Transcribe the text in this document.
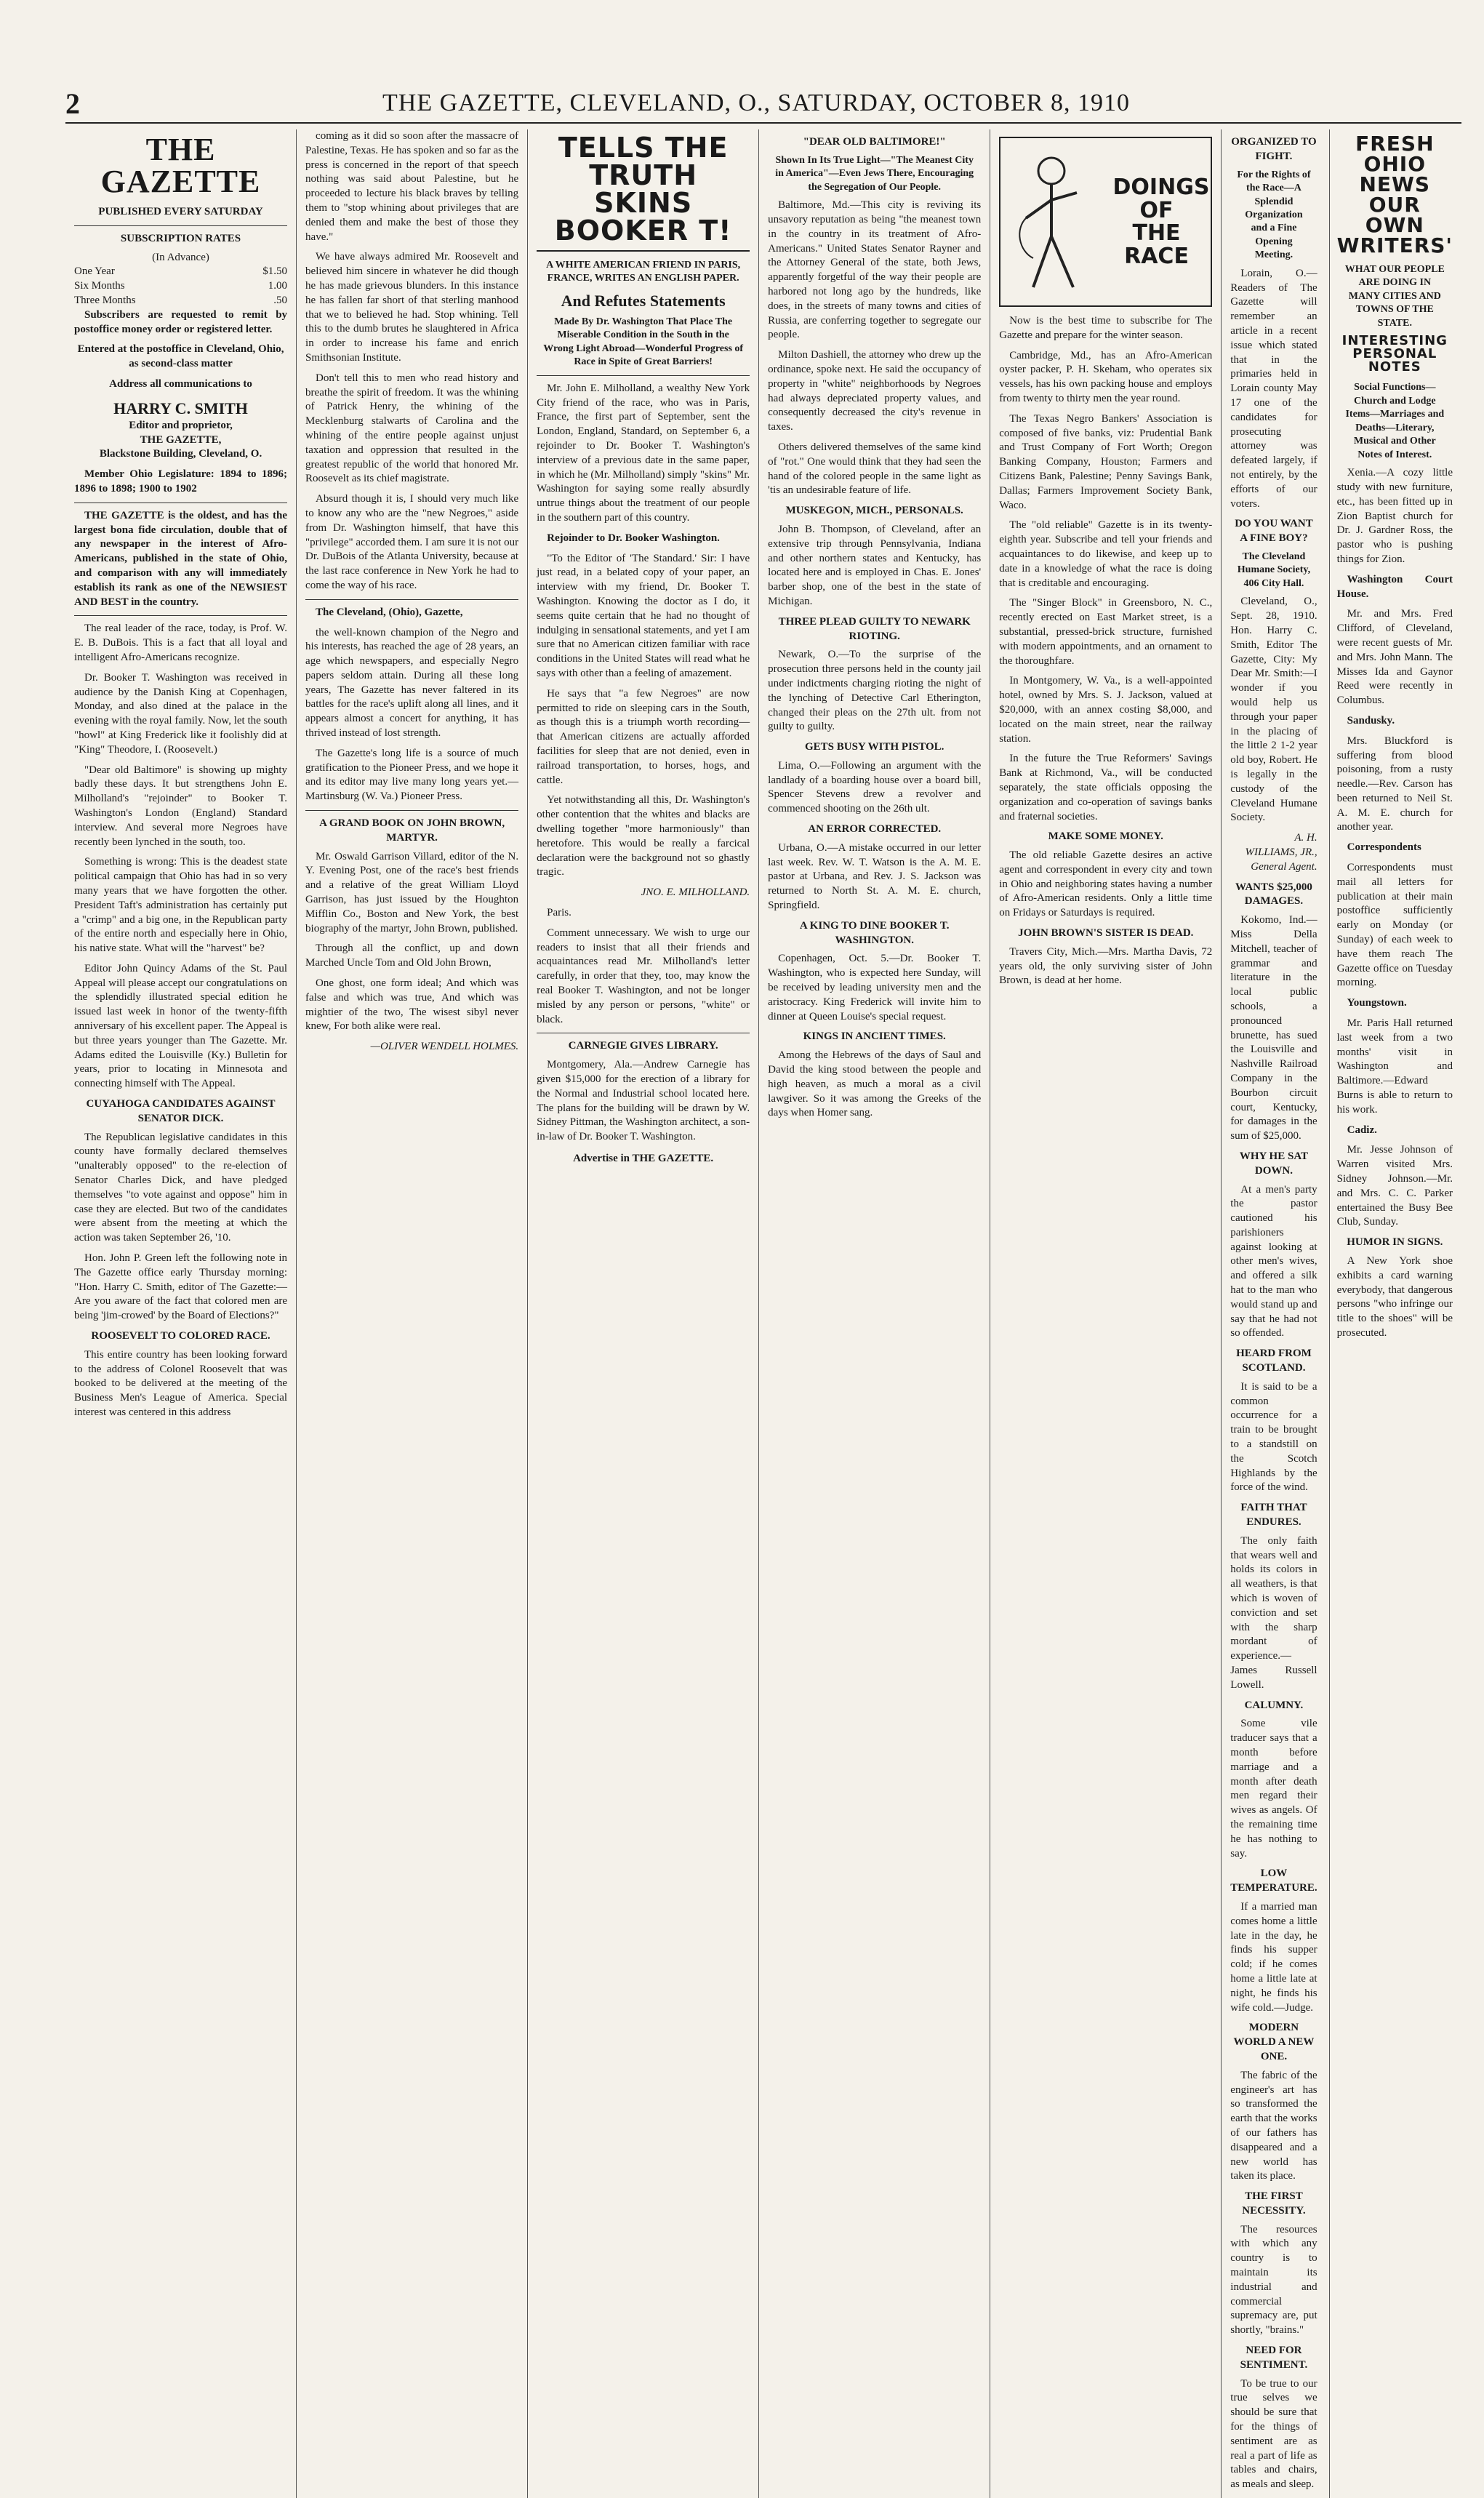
2	THE GAZETTE, CLEVELAND, O., SATURDAY, OCTOBER 8, 1910
THE GAZETTE
PUBLISHED EVERY SATURDAY
SUBSCRIPTION RATES
(In Advance)
One Year	$1.50
Six Months	1.00
Three Months	.50

Subscribers are requested to remit by postoffice money order or registered letter.

Entered at the postoffice in Cleveland, Ohio, as second-class matter

Address all communications to

HARRY C. SMITH
Editor and proprietor,
THE GAZETTE,
Blackstone Building, Cleveland, O.

Member Ohio Legislature: 1894 to 1896; 1896 to 1898; 1900 to 1902

THE GAZETTE is the oldest, and has the largest bona fide circulation, double that of any newspaper in the interest of Afro-Americans, published in the state of Ohio, and comparison with any will immediately establish its rank as one of the NEWSIEST AND BEST in the country.

The real leader of the race, today, is Prof. W. E. B. DuBois. This is a fact that all loyal and intelligent Afro-Americans recognize.

Dr. Booker T. Washington was received in audience by the Danish King at Copenhagen, Monday, and also dined at the palace in the evening with the royal family. Now, let the south "howl" at King Frederick like it foolishly did at "King" Theodore, I. (Roosevelt.)

"Dear old Baltimore" is showing up mighty badly these days. It but strengthens John E. Milholland's "rejoinder" to Booker T. Washington's London (England) Standard interview. And several more Negroes have recently been lynched in the south, too.

Something is wrong: This is the deadest state political campaign that Ohio has had in so very many years that we have forgotten the other. President Taft's administration has certainly put a "crimp" and a big one, in the Republican party of the entire north and especially here in Ohio, his native state. What will the "harvest" be?

Editor John Quincy Adams of the St. Paul Appeal will please accept our congratulations on the splendidly illustrated special edition he issued last week in honor of the twenty-fifth anniversary of his excellent paper. The Appeal is but three years younger than The Gazette. Mr. Adams edited the Louisville (Ky.) Bulletin for years, prior to locating in Minnesota and connecting himself with The Appeal.

CUYAHOGA CANDIDATES AGAINST SENATOR DICK.

The Republican legislative candidates in this county have formally declared themselves "unalterably opposed" to the re-election of Senator Charles Dick, and have pledged themselves "to vote against and oppose" him in case they are elected. But two of the candidates were absent from the meeting at which the action was taken September 26, '10.

Hon. John P. Green left the following note in The Gazette office early Thursday morning: "Hon. Harry C. Smith, editor of The Gazette:—Are you aware of the fact that colored men are being 'jim-crowed' by the Board of Elections?"

ROOSEVELT TO COLORED RACE.

This entire country has been looking forward to the address of Colonel Roosevelt that was booked to be delivered at the meeting of the Business Men's League of America. Special interest was centered in this address

coming as it did so soon after the massacre of Palestine, Texas. He has spoken and so far as the press is concerned in the report of that speech nothing was said about Palestine, but he proceeded to lecture his black braves by telling them to "stop whining about privileges that are denied them and make the best of those they have."

We have always admired Mr. Roosevelt and believed him sincere in whatever he did though he has made grievous blunders. In this instance he has fallen far short of that sterling manhood that we to believed he had. Stop whining. Tell this to the dumb brutes he slaughtered in Africa in order to increase his fame and enrich Smithsonian Institute.

Don't tell this to men who read history and breathe the spirit of freedom. It was the whining of Patrick Henry, the whining of the Mecklenburg stalwarts of Carolina and the whining of the entire people against unjust taxation and oppression that resulted in the greatest republic of the world that honored Mr. Roosevelt as its chief magistrate.

Absurd though it is, I should very much like to know any who are the "new Negroes," aside from Dr. Washington himself, that have this "privilege" accorded them. I am sure it is not our Dr. DuBois of the Atlanta University, because at the last race conference in New York he had to come the way of his race.

The Cleveland, (Ohio), Gazette,

the well-known champion of the Negro and his interests, has reached the age of 28 years, an age which newspapers, and especially Negro papers seldom attain. During all these long years, The Gazette has never faltered in its battles for the race's uplift along all lines, and it appears almost a concert for anything, it has thrived instead of lost strength.

The Gazette's long life is a source of much gratification to the Pioneer Press, and we hope it and its editor may live many long years yet.—Martinsburg (W. Va.) Pioneer Press.

A GRAND BOOK ON JOHN BROWN, MARTYR.

Mr. Oswald Garrison Villard, editor of the N. Y. Evening Post, one of the race's best friends and a relative of the great William Lloyd Garrison, has just issued by the Houghton Mifflin Co., Boston and New York, the best biography of the martyr, John Brown, published.

Through all the conflict, up and down Marched Uncle Tom and Old John Brown,

One ghost, one form ideal; And which was false and which was true, And which was mightier of the two, The wisest sibyl never knew, For both alike were real.

—OLIVER WENDELL HOLMES.

TELLS THE TRUTH SKINS BOOKER T!
A WHITE AMERICAN FRIEND IN PARIS, FRANCE, WRITES AN ENGLISH PAPER.
And Refutes Statements
Made By Dr. Washington That Place The Miserable Condition in the South in the Wrong Light Abroad—Wonderful Progress of Race in Spite of Great Barriers!

Mr. John E. Milholland, a wealthy New York City friend of the race, who was in Paris, France, the first part of September, sent the London, England, Standard, on September 6, a rejoinder to Dr. Booker T. Washington's interview of a previous date in the same paper, in which he (Mr. Milholland) simply "skins" Mr. Washington for saying some really absurdly untrue things about the treatment of our people in the southern part of this country.

Rejoinder to Dr. Booker Washington.

"To the Editor of 'The Standard.' Sir: I have just read, in a belated copy of your paper, an interview with my friend, Dr. Booker T. Washington. Knowing the doctor as I do, it seems quite certain that he had no thought of indulging in sensational statements, and yet I am sure that no American citizen familiar with race conditions in the United States will read what he says with other than a feeling of amazement.

He says that "a few Negroes" are now permitted to ride on sleeping cars in the South, as though this is a triumph worth recording—that American citizens are actually afforded facilities for sleep that are not denied, even in railroad transportation, to horses, hogs, and cattle.

Yet notwithstanding all this, Dr. Washington's other contention that the whites and blacks are dwelling together "more harmoniously" than heretofore. This would be really a farcical declaration were the background not so ghastly tragic.

JNO. E. MILHOLLAND.

Paris.

Comment unnecessary. We wish to urge our readers to insist that all their friends and acquaintances read Mr. Milholland's letter carefully, in order that they, too, may know the real Booker T. Washington, and not be longer misled by any person or persons, "white" or black.

CARNEGIE GIVES LIBRARY.

Montgomery, Ala.—Andrew Carnegie has given $15,000 for the erection of a library for the Normal and Industrial school located here. The plans for the building will be drawn by W. Sidney Pittman, the Washington architect, a son-in-law of Dr. Booker T. Washington.

Advertise in THE GAZETTE.
"DEAR OLD BALTIMORE!"
Shown In Its True Light—"The Meanest City in America"—Even Jews There, Encouraging the Segregation of Our People.

Baltimore, Md.—This city is reviving its unsavory reputation as being "the meanest town in the country in its treatment of Afro-Americans." United States Senator Rayner and the Attorney General of the state, both Jews, apparently forgetful of the way their people are harbored not long ago by the hundreds, like does, in the streets of many towns and cities of Russia, are conferring together to segregate our people.

Milton Dashiell, the attorney who drew up the ordinance, spoke next. He said the occupancy of property in "white" neighborhoods by Negroes had always depreciated property values, and consequently decreased the city's revenue in taxes.

Others delivered themselves of the same kind of "rot." One would think that they had seen the hand of the colored people in the same light as 'tis an undesirable feature of life.

MUSKEGON, MICH., PERSONALS.

John B. Thompson, of Cleveland, after an extensive trip through Pennsylvania, Indiana and other northern states and Kentucky, has located here and is employed in Chas. E. Jones' barber shop, one of the best in the state of Michigan.

THREE PLEAD GUILTY TO NEWARK RIOTING.

Newark, O.—To the surprise of the prosecution three persons held in the county jail under indictments charging rioting the night of the lynching of Detective Carl Etherington, changed their pleas on the 27th ult. from not guilty to guilty.

GETS BUSY WITH PISTOL.

Lima, O.—Following an argument with the landlady of a boarding house over a board bill, Spencer Stevens drew a revolver and commenced shooting on the 26th ult.

AN ERROR CORRECTED.

Urbana, O.—A mistake occurred in our letter last week. Rev. W. T. Watson is the A. M. E. pastor at Urbana, and Rev. J. S. Jackson was returned to North St. A. M. E. church, Springfield.

A KING TO DINE BOOKER T. WASHINGTON.

Copenhagen, Oct. 5.—Dr. Booker T. Washington, who is expected here Sunday, will be received by leading university men and the aristocracy. King Frederick will invite him to dinner at Queen Louise's special request.

KINGS IN ANCIENT TIMES.

Among the Hebrews of the days of Saul and David the king stood between the people and high heaven, as much a moral as a civil lawgiver. So it was among the Greeks of the days when Homer sang.

DOINGS OF THE RACE

Now is the best time to subscribe for The Gazette and prepare for the winter season.

Cambridge, Md., has an Afro-American oyster packer, P. H. Skeham, who operates six vessels, has his own packing house and employs from twenty to thirty men the year round.

The Texas Negro Bankers' Association is composed of five banks, viz: Prudential Bank and Trust Company of Fort Worth; Oregon Banking Company, Houston; Farmers and Citizens Bank, Palestine; Penny Savings Bank, Dallas; Farmers Improvement Society Bank, Waco.

The "old reliable" Gazette is in its twenty-eighth year. Subscribe and tell your friends and acquaintances to do likewise, and keep up to date in a knowledge of what the race is doing that is creditable and encouraging.

The "Singer Block" in Greensboro, N. C., recently erected on East Market street, is a substantial, pressed-brick structure, furnished with modern appointments, and an ornament to the thoroughfare.

In Montgomery, W. Va., is a well-appointed hotel, owned by Mrs. S. J. Jackson, valued at $20,000, with an annex costing $8,000, and located on the main street, near the railway station.

In the future the True Reformers' Savings Bank at Richmond, Va., will be conducted separately, the state officials opposing the organization and co-operation of savings banks and fraternal societies.

MAKE SOME MONEY.

The old reliable Gazette desires an active agent and correspondent in every city and town in Ohio and neighboring states having a number of Afro-American residents. Only a little time on Fridays or Saturdays is required.

JOHN BROWN'S SISTER IS DEAD.

Travers City, Mich.—Mrs. Martha Davis, 72 years old, the only surviving sister of John Brown, is dead at her home.

ORGANIZED TO FIGHT.
For the Rights of the Race—A Splendid Organization and a Fine Opening Meeting.

Lorain, O.—Readers of The Gazette will remember an article in a recent issue which stated that in the primaries held in Lorain county May 17 one of the candidates for prosecuting attorney was defeated largely, if not entirely, by the efforts of our voters.

DO YOU WANT A FINE BOY?
The Cleveland Humane Society, 406 City Hall.

Cleveland, O., Sept. 28, 1910. Hon. Harry C. Smith, Editor The Gazette, City: My Dear Mr. Smith:—I wonder if you would help us through your paper in the placing of the little 2 1-2 year old boy, Robert. He is legally in the custody of the Cleveland Humane Society.

A. H. WILLIAMS, JR., General Agent.

WANTS $25,000 DAMAGES.

Kokomo, Ind.—Miss Della Mitchell, teacher of grammar and literature in the local public schools, a pronounced brunette, has sued the Louisville and Nashville Railroad Company in the Bourbon circuit court, Kentucky, for damages in the sum of $25,000.

WHY HE SAT DOWN.

At a men's party the pastor cautioned his parishioners against looking at other men's wives, and offered a silk hat to the man who would stand up and say that he had not so offended.

HEARD FROM SCOTLAND.

It is said to be a common occurrence for a train to be brought to a standstill on the Scotch Highlands by the force of the wind.

FAITH THAT ENDURES.

The only faith that wears well and holds its colors in all weathers, is that which is woven of conviction and set with the sharp mordant of experience.—James Russell Lowell.

CALUMNY.

Some vile traducer says that a month before marriage and a month after death men regard their wives as angels. Of the remaining time he has nothing to say.

LOW TEMPERATURE.

If a married man comes home a little late in the day, he finds his supper cold; if he comes home a little late at night, he finds his wife cold.—Judge.

MODERN WORLD A NEW ONE.

The fabric of the engineer's art has so transformed the earth that the works of our fathers has disappeared and a new world has taken its place.

THE FIRST NECESSITY.

The resources with which any country is to maintain its industrial and commercial supremacy are, put shortly, "brains."

NEED FOR SENTIMENT.

To be true to our true selves we should be sure that for the things of sentiment are as real a part of life as tables and chairs, as meals and sleep.

FRESH OHIO NEWS OUR OWN WRITERS'
WHAT OUR PEOPLE ARE DOING IN MANY CITIES AND TOWNS OF THE STATE.
INTERESTING PERSONAL NOTES
Social Functions—Church and Lodge Items—Marriages and Deaths—Literary, Musical and Other Notes of Interest.

Xenia.—A cozy little study with new furniture, etc., has been fitted up in Zion Baptist church for Dr. J. Gardner Ross, the pastor who is pushing things for Zion.

Washington Court House.

Mr. and Mrs. Fred Clifford, of Cleveland, were recent guests of Mr. and Mrs. John Mann. The Misses Ida and Gaynor Reed were recently in Columbus.

Sandusky.

Mrs. Bluckford is suffering from blood poisoning, from a rusty needle.—Rev. Carson has been returned to Neil St. A. M. E. church for another year.

Correspondents

Correspondents must mail all letters for publication at their main postoffice sufficiently early on Monday (or Sunday) of each week to have them reach The Gazette office on Tuesday morning.

Youngstown.

Mr. Paris Hall returned last week from a two months' visit in Washington and Baltimore.—Edward Burns is able to return to his work.

Cadiz.

Mr. Jesse Johnson of Warren visited Mrs. Sidney Johnson.—Mr. and Mrs. C. C. Parker entertained the Busy Bee Club, Sunday.

HUMOR IN SIGNS.

A New York shoe exhibits a card warning everybody, that dangerous persons "who infringe our title to the shoes" will be prosecuted.
